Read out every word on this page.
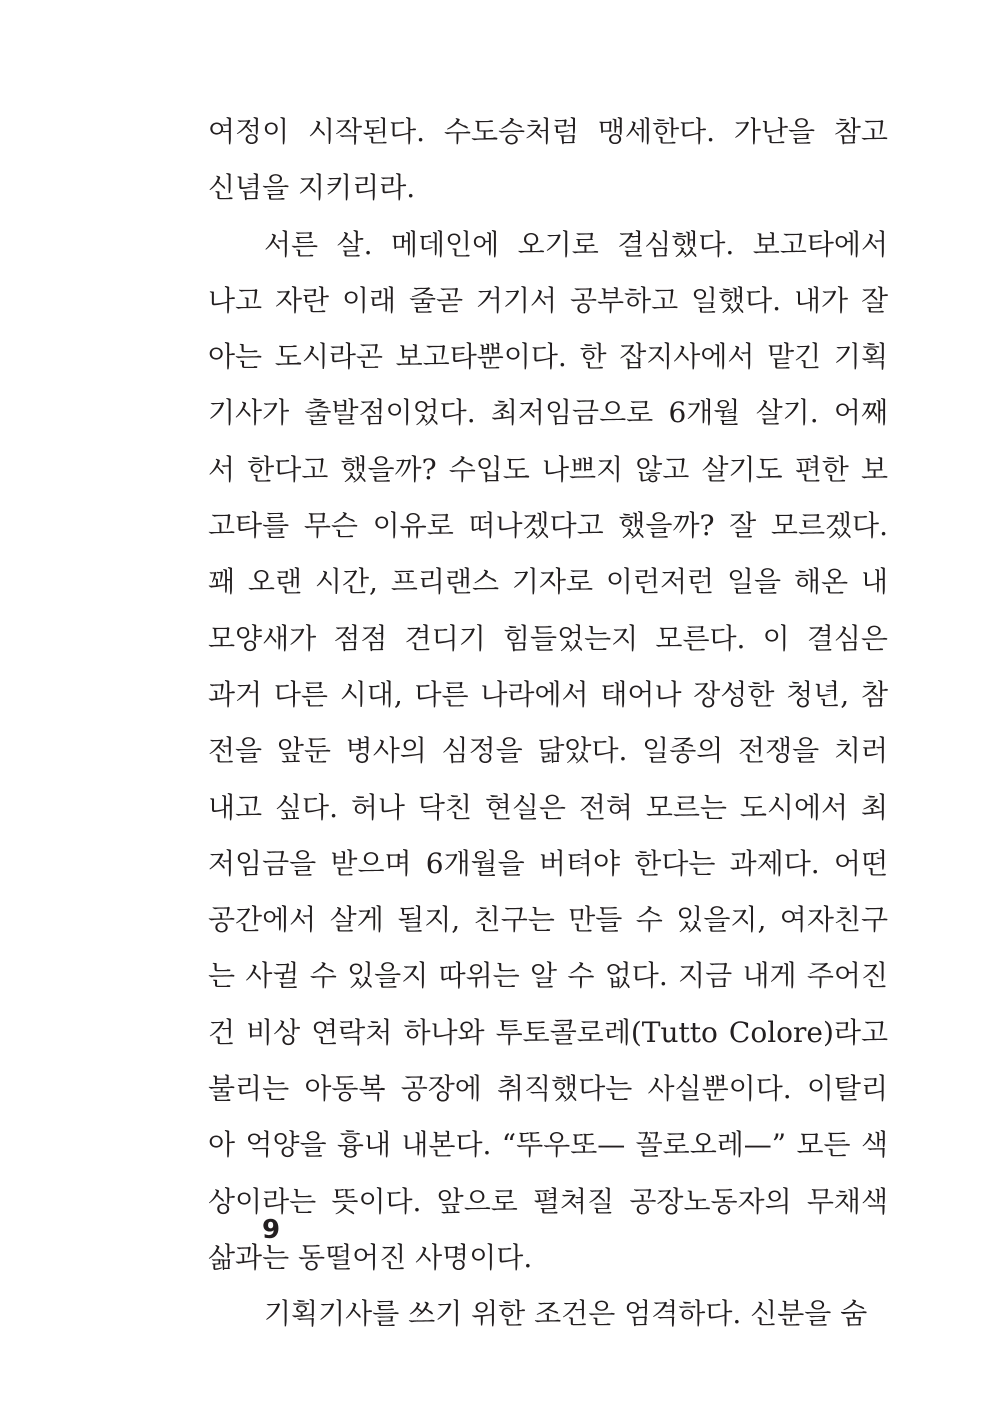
여정이 시작된다. 수도승처럼 맹세한다. 가난을 참고
신념을 지키리라.
서른 살. 메데인에 오기로 결심했다. 보고타에서
나고 자란 이래 줄곧 거기서 공부하고 일했다. 내가 잘
아는 도시라곤 보고타뿐이다. 한 잡지사에서 맡긴 기획
기사가 출발점이었다. 최저임금으로 6개월 살기. 어째
서 한다고 했을까? 수입도 나쁘지 않고 살기도 편한 보
고타를 무슨 이유로 떠나겠다고 했을까? 잘 모르겠다.
꽤 오랜 시간, 프리랜스 기자로 이런저런 일을 해온 내
모양새가 점점 견디기 힘들었는지 모른다. 이 결심은
과거 다른 시대, 다른 나라에서 태어나 장성한 청년, 참
전을 앞둔 병사의 심정을 닮았다. 일종의 전쟁을 치러
내고 싶다. 허나 닥친 현실은 전혀 모르는 도시에서 최
저임금을 받으며 6개월을 버텨야 한다는 과제다. 어떤
공간에서 살게 될지, 친구는 만들 수 있을지, 여자친구
는 사귈 수 있을지 따위는 알 수 없다. 지금 내게 주어진
건 비상 연락처 하나와 투토콜로레(Tutto Colore)라고
불리는 아동복 공장에 취직했다는 사실뿐이다. 이탈리
아 억양을 흉내 내본다. “뚜우또— 꼴로오레—” 모든 색
상이라는 뜻이다. 앞으로 펼쳐질 공장노동자의 무채색
삶과는 동떨어진 사명이다.
기획기사를 쓰기 위한 조건은 엄격하다. 신분을 숨
9
